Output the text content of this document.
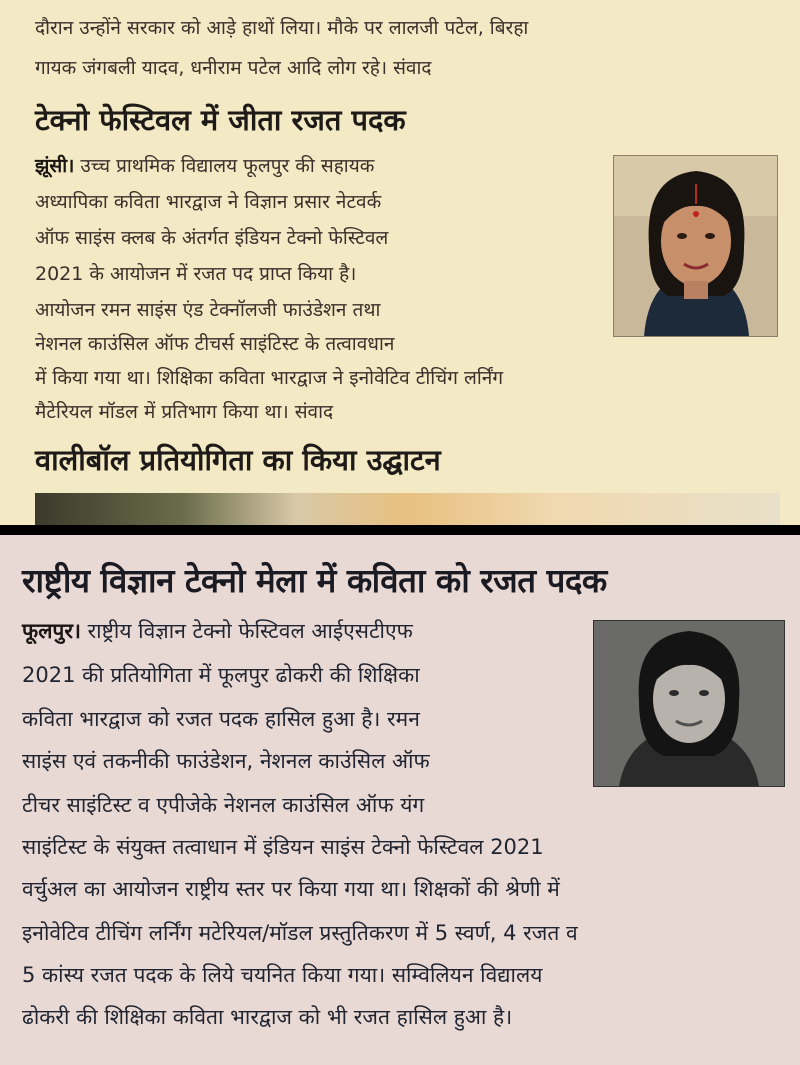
दौरान उन्होंने सरकार को आड़े हाथों लिया। मौके पर लालजी पटेल, बिरहा
गायक जंगबली यादव, धनीराम पटेल आदि लोग रहे। संवाद
टेक्नो फेस्टिवल में जीता रजत पदक
झूंसी। उच्च प्राथमिक विद्यालय फूलपुर की सहायक
अध्यापिका कविता भारद्वाज ने विज्ञान प्रसार नेटवर्क
ऑफ साइंस क्लब के अंतर्गत इंडियन टेक्नो फेस्टिवल
2021 के आयोजन में रजत पद प्राप्त किया है।
आयोजन रमन साइंस एंड टेक्नॉलजी फाउंडेशन तथा
नेशनल काउंसिल ऑफ टीचर्स साइंटिस्ट के तत्वावधान
में किया गया था। शिक्षिका कविता भारद्वाज ने इनोवेटिव टीचिंग लर्निंग
मैटेरियल मॉडल में प्रतिभाग किया था। संवाद
वालीबॉल प्रतियोगिता का किया उद्घाटन
राष्ट्रीय विज्ञान टेक्नो मेला में कविता को रजत पदक
फूलपुर। राष्ट्रीय विज्ञान टेक्नो फेस्टिवल आईएसटीएफ
2021 की प्रतियोगिता में फूलपुर ढोकरी की शिक्षिका
कविता भारद्वाज को रजत पदक हासिल हुआ है। रमन
साइंस एवं तकनीकी फाउंडेशन, नेशनल काउंसिल ऑफ
टीचर साइंटिस्ट व एपीजेके नेशनल काउंसिल ऑफ यंग
साइंटिस्ट के संयुक्त तत्वाधान में इंडियन साइंस टेक्नो फेस्टिवल 2021
वर्चुअल का आयोजन राष्ट्रीय स्तर पर किया गया था। शिक्षकों की श्रेणी में
इनोवेटिव टीचिंग लर्निंग मटेरियल/मॉडल प्रस्तुतिकरण में 5 स्वर्ण, 4 रजत व
5 कांस्य रजत पदक के लिये चयनित किया गया। सम्विलियन विद्यालय
ढोकरी की शिक्षिका कविता भारद्वाज को भी रजत हासिल हुआ है।
